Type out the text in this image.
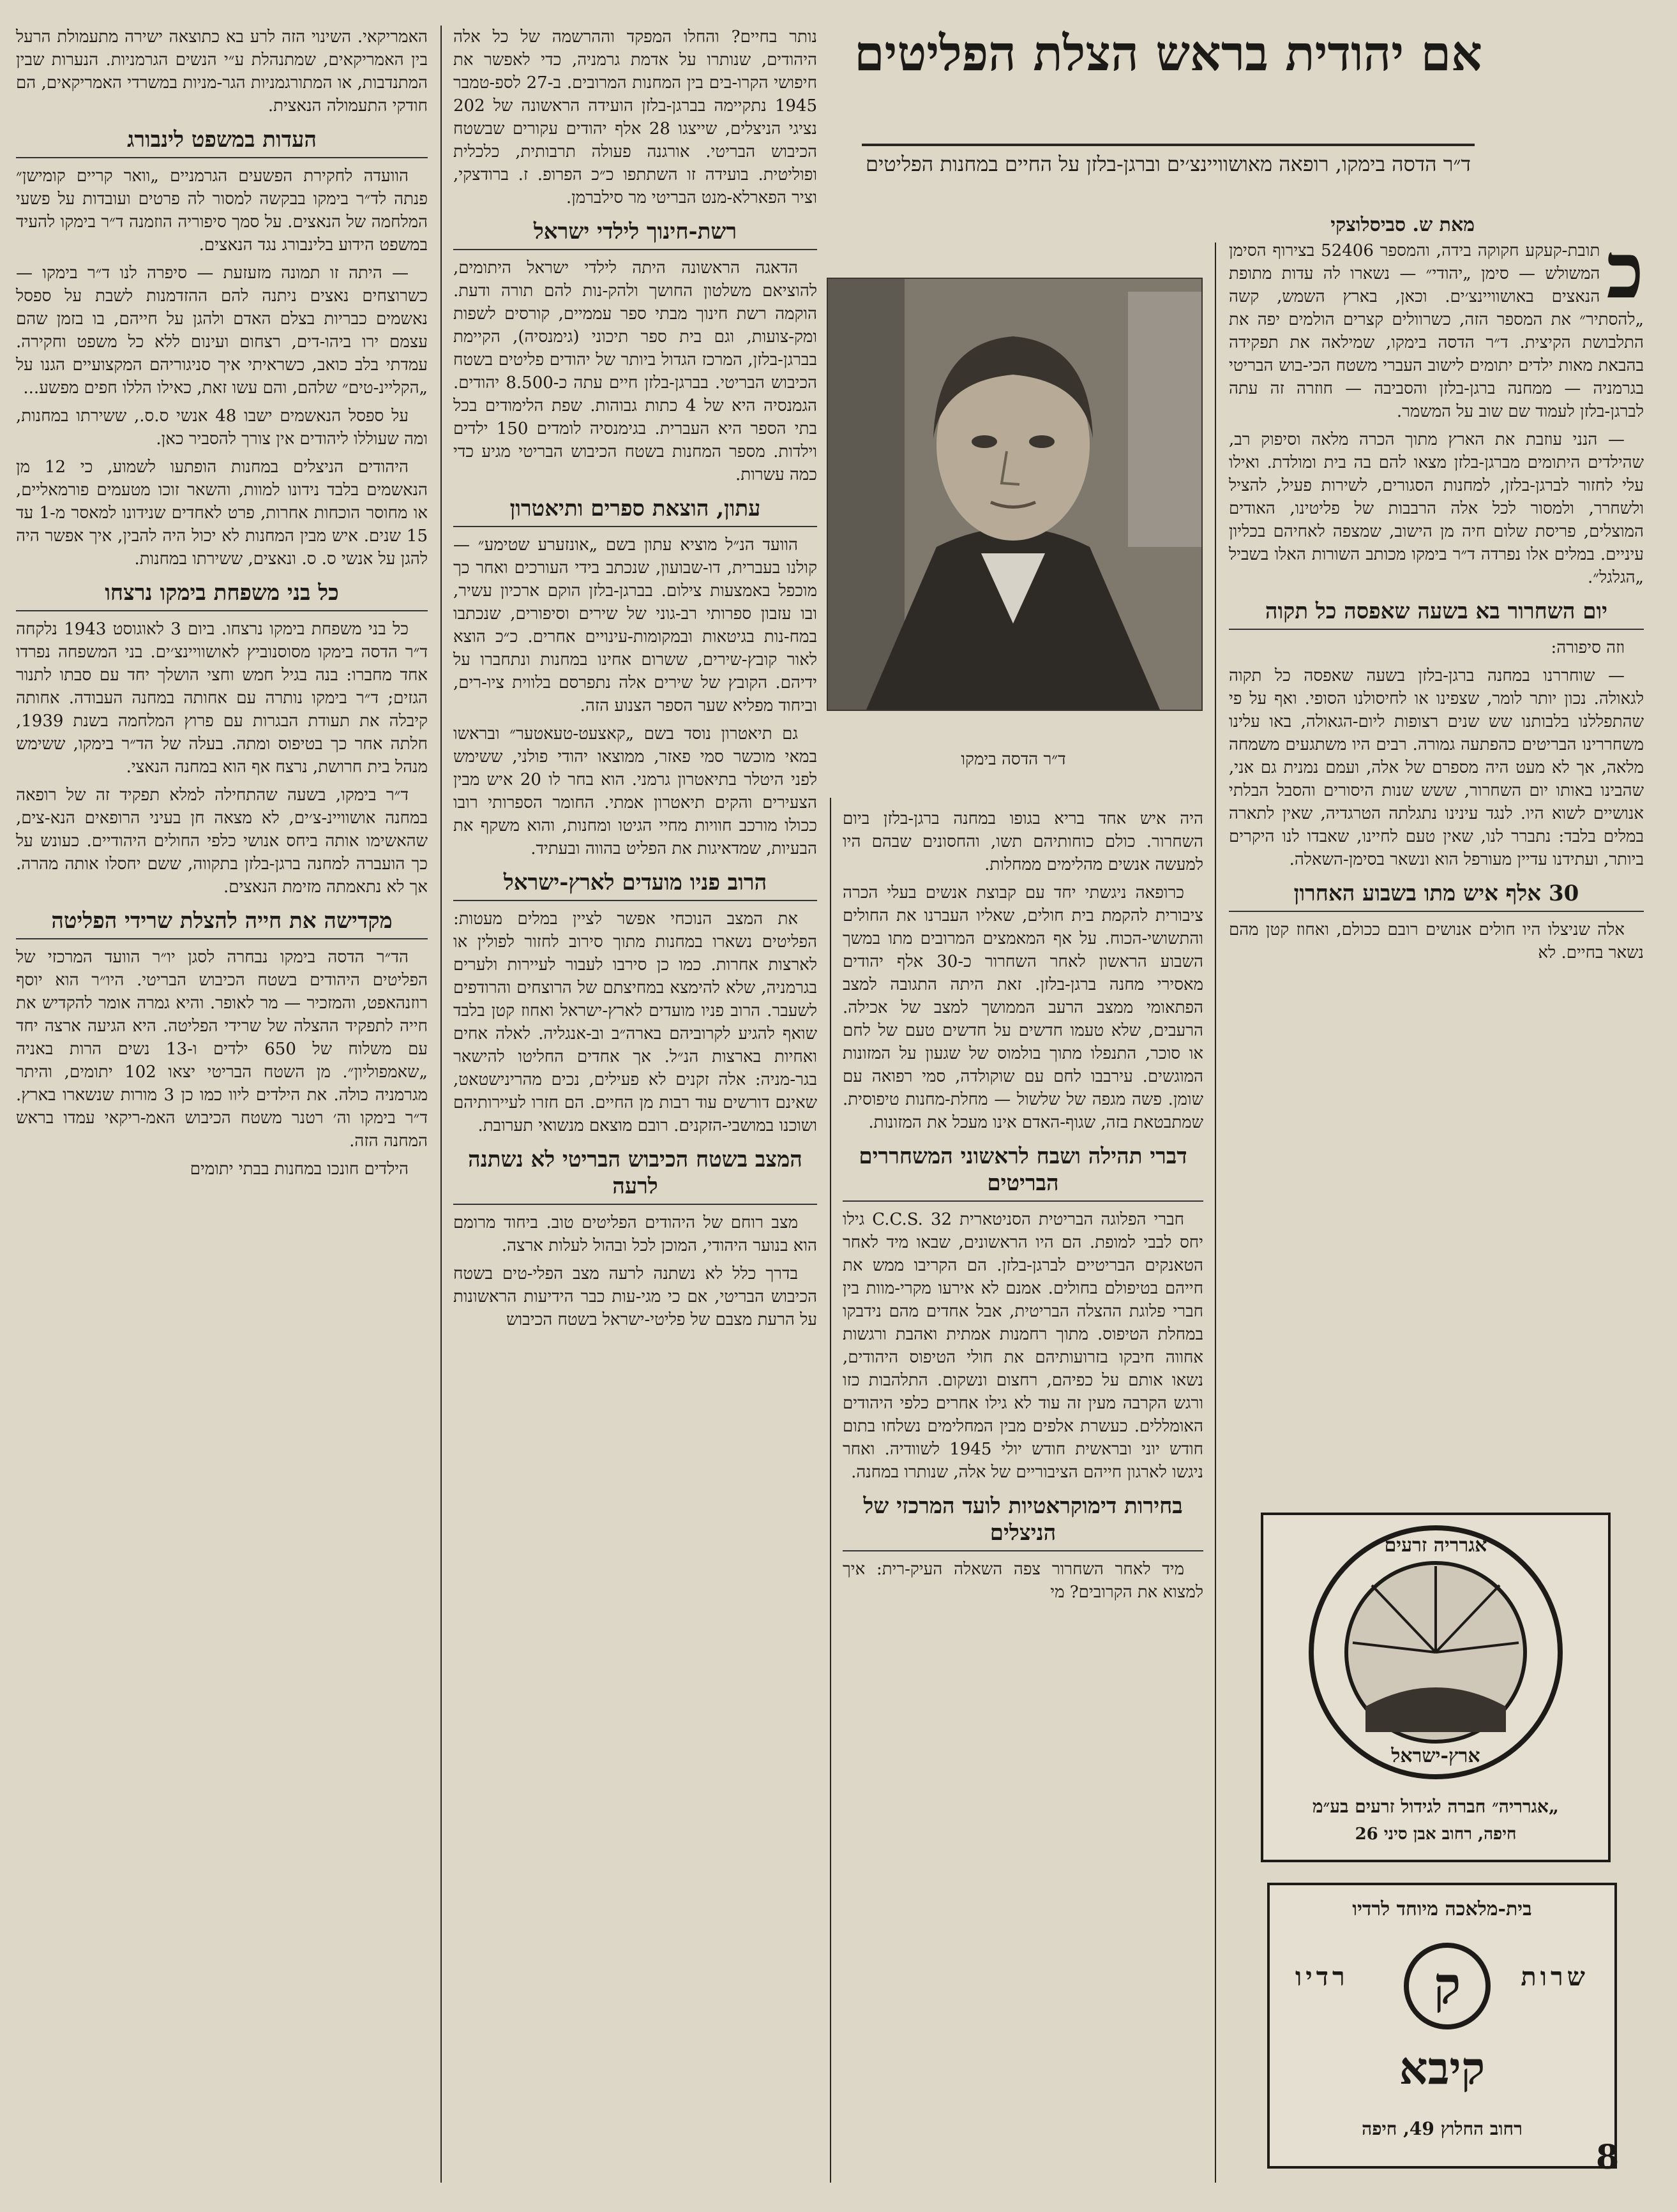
אם יהודית בראש הצלת הפליטים
ד״ר הדסה בימקו, רופאה מאושוויינצ׳ים וברגן-בלזן על החיים במחנות הפליטים
מאת ש. סביסלוצקי
ד״ר הדסה בימקו

כ
תובת-קעקע חקוקה בידה, והמספר 52406 בצירוף הסימן המשולש — סימן „יהודי״ — נשארו לה עדות מתופת הנאצים באושוויינצ׳ים. וכאן, בארץ השמש, קשה „להסתיר״ את המספר הזה, כשרוולים קצרים הולמים יפה את התלבושת הקיצית. ד״ר הדסה בימקו, שמילאה את תפקידה בהבאת מאות ילדים יתומים לישוב העברי משטח הכי-בוש הבריטי בגרמניה — ממחנה ברגן-בלזן והסביבה — חוזרה זה עתה לברגן-בלזן לעמוד שם שוב על המשמר.

— הנני עוזבת את הארץ מתוך הכרה מלאה וסיפוק רב, שהילדים היתומים מברגן-בלזן מצאו להם בה בית ומולדת. ואילו עלי לחזור לברגן-בלזן, למחנות הסגורים, לשירות פעיל, להציל ולשחרר, ולמסור לכל אלה הרבבות של פליטינו, האודים המוצלים, פריסת שלום חיה מן הישוב, שמצפה לאחיהם בכליון עיניים. במלים אלו נפרדה ד״ר בימקו מכותב השורות האלו בשביל „הגלגל״.

יום השחרור בא בשעה שאפסה כל תקוה

וזה סיפורה:

— שוחררנו במחנה ברגן-בלזן בשעה שאפסה כל תקוה לגאולה. נכון יותר לומר, שצפינו או לחיסולנו הסופי. ואף על פי שהתפללנו בלבותנו שש שנים רצופות ליום-הגאולה, באו עלינו משחררינו הבריטים כהפתעה גמורה. רבים היו משתגעים משמחה מלאה, אך לא מעט היה מספרם של אלה, ועמם נמנית גם אני, שהבינו באותו יום השחרור, ששש שנות היסורים והסבל הבלתי אנושיים לשוא היו. לנגד עינינו נתגלתה הטרגדיה, שאין לתארה במלים בלבד: נתברר לנו, שאין טעם לחיינו, שאבדו לנו היקרים ביותר, ועתידנו עדיין מעורפל הוא ונשאר בסימן-השאלה.

30 אלף איש מתו בשבוע האחרון

אלה שניצלו היו חולים אנושים רובם ככולם, ואחוז קטן מהם נשאר בחיים. לא

אגרריה זרעים
ארץ-ישראל
„אגרריה״ חברה לגידול זרעים בע״מ
חיפה, רחוב אבן סיני 26
בית-מלאכה מיוחד לרדיו
שרות
ק
רדיו
קיבא
רחוב החלוץ 49, חיפה

היה איש אחד בריא בגופו במחנה ברגן-בלזן ביום השחרור. כולם כוחותיהם תשו, והחסונים שבהם היו למעשה אנשים מהלימים ממחלות.

כרופאה ניגשתי יחד עם קבוצת אנשים בעלי הכרה ציבורית להקמת בית חולים, שאליו העברנו את החולים והתשושי-הכוח. על אף המאמצים המרובים מתו במשך השבוע הראשון לאחר השחרור כ-30 אלף יהודים מאסירי מחנה ברגן-בלזן. זאת היתה התגובה למצב הפתאומי ממצב הרעב הממושך למצב של אכילה. הרעבים, שלא טעמו חדשים על חדשים טעם של לחם או סוכר, התנפלו מתוך בולמוס של שגעון על המזונות המוגשים. עירבבו לחם עם שוקולדה, סמי רפואה עם שומן. פשה מגפה של שלשול — מחלת-מחנות טיפוסית. שמתבטאת בזה, שגוף-האדם אינו מעכל את המזונות.

דברי תהילה ושבח לראשוני המשחררים הבריטים

חברי הפלוגה הבריטית הסניטארית C.C.S. 32 גילו יחס לבבי למופת. הם היו הראשונים, שבאו מיד לאחר הטאנקים הבריטיים לברגן-בלזן. הם הקריבו ממש את חייהם בטיפולם בחולים. אמנם לא אירעו מקרי-מוות בין חברי פלוגת ההצלה הבריטית, אבל אחדים מהם נידבקו במחלת הטיפוס. מתוך רחמנות אמתית ואהבת ורגשות אחווה חיבקו בזרועותיהם את חולי הטיפוס היהודים, נשאו אותם על כפיהם, רחצום ונשקום. התלהבות כזו ורגש הקרבה מעין זה עוד לא גילו אחרים כלפי היהודים האומללים. כעשרת אלפים מבין המחלימים נשלחו בתום חודש יוני ובראשית חודש יולי 1945 לשוודיה. ואחר ניגשו לארגון חייהם הציבוריים של אלה, שנותרו במחנה.

בחירות דימוקראטיות לועד המרכזי של הניצלים

מיד לאחר השחרור צפה השאלה העיק-רית: איך למצוא את הקרובים? מי

נותר בחיים? והחלו המפקד וההרשמה של כל אלה היהודים, שנותרו על אדמת גרמניה, כדי לאפשר את חיפושי הקרו-בים בין המחנות המרובים. ב-27 לספ-טמבר 1945 נתקיימה בברגן-בלזן הועידה הראשונה של 202 נציגי הניצלים, שייצגו 28 אלף יהודים עקורים שבשטח הכיבוש הבריטי. אורגנה פעולה תרבותית, כלכלית ופוליטית. בועידה זו השתתפו כ״כ הפרופ. ז. ברודצקי, וציר הפארלא-מנט הבריטי מר סילברמן.

רשת-חינוך לילדי ישראל

הדאגה הראשונה היתה לילדי ישראל היתומים, להוציאם משלטון החושך ולהק-נות להם תורה ודעת. הוקמה רשת חינוך מבתי ספר עממיים, קורסים לשפות ומק-צועות, וגם בית ספר תיכוני (גימנסיה), הקיימת בברגן-בלזן, המרכז הגדול ביותר של יהודים פליטים בשטח הכיבוש הבריטי. בברגן-בלזן חיים עתה כ-8.500 יהודים. הגמנסיה היא של 4 כתות גבוהות. שפת הלימודים בכל בתי הספר היא העברית. בגימנסיה לומדים 150 ילדים וילדות. מספר המחנות בשטח הכיבוש הבריטי מגיע כדי כמה עשרות.

עתון, הוצאת ספרים ותיאטרון

הוועד הנ״ל מוציא עתון בשם „אונזערע שטימע״ — קולנו בעברית, דו-שבועון, שנכתב בידי העורכים ואחר כך מוכפל באמצעות צילום. בברגן-בלזן הוקם ארכיון עשיר, ובו עזבון ספרותי רב-גוני של שירים וסיפורים, שנכתבו במח-נות בגיטאות ובמקומות-עינויים אחרים. כ״כ הוצא לאור קובץ-שירים, ששרום אחינו במחנות ונתחברו על ידיהם. הקובץ של שירים אלה נתפרסם בלווית ציו-רים, וביחוד מפליא שער הספר הצנוע הזה.

גם תיאטרון נוסד בשם „קאצעט-טעאטער״ ובראשו במאי מוכשר סמי פאזר, ממוצאו יהודי פולני, ששימש לפני היטלר בתיאטרון גרמני. הוא בחר לו 20 איש מבין הצעירים והקים תיאטרון אמתי. החומר הספרותי רובו ככולו מורכב חוויות מחיי הגיטו ומחנות, והוא משקף את הבעיות, שמדאיגות את הפליט בהווה ובעתיד.

הרוב פניו מועדים לארץ-ישראל

את המצב הנוכחי אפשר לציין במלים מעטות: הפליטים נשארו במחנות מתוך סירוב לחזור לפולין או לארצות אחרות. כמו כן סירבו לעבור לעיירות ולערים בגרמניה, שלא להימצא במחיצתם של הרוצחים והרודפים לשעבר. הרוב פניו מועדים לארץ-ישראל ואחוז קטן בלבד שואף להגיע לקרוביהם בארה״ב וב-אנגליה. לאלה אחים ואחיות בארצות הנ״ל. אך אחדים החליטו להישאר בגר-מניה: אלה זקנים לא פעילים, נכים מהרינישטאט, שאינם דורשים עוד רבות מן החיים. הם חזרו לעיירותיהם ושוכנו במושבי-הזקנים. רובם מוצאם מנשואי תערובת.

המצב בשטח הכיבוש הבריטי לא נשתנה לרעה

מצב רוחם של היהודים הפליטים טוב. ביחוד מרומם הוא בנוער היהודי, המוכן לכל ובהול לעלות ארצה.

בדרך כלל לא נשתנה לרעה מצב הפלי-טים בשטח הכיבוש הבריטי, אם כי מגי-עות כבר הידיעות הראשונות על הרעת מצבם של פליטי-ישראל בשטח הכיבוש

האמריקאי. השינוי הזה לרע בא כתוצאה ישירה מתעמולת הרעל בין האמריקאים, שמתנהלת ע״י הנשים הגרמניות. הנערות שבין המתנדבות, או המתורגמניות הגר-מניות במשרדי האמריקאים, הם חודקי התעמולה הנאצית.

העדות במשפט לינבורג

הוועדה לחקירת הפשעים הגרמניים „וואר קריים קומישן״ פנתה לד״ר בימקו בבקשה למסור לה פרטים ועובדות על פשעי המלחמה של הנאצים. על סמך סיפוריה הוזמנה ד״ר בימקו להעיד במשפט הידוע בלינבורג נגד הנאצים.

— היתה זו תמונה מזעזעת — סיפרה לנו ד״ר בימקו — כשרוצחים נאצים ניתנה להם ההזדמנות לשבת על ספסל נאשמים כבריות בצלם האדם ולהגן על חייהם, בו בזמן שהם עצמם ירו ביהו-דים, רצחום ועינום ללא כל משפט וחקירה. עמדתי בלב כואב, כשראיתי איך סניגוריהם המקצועיים הגנו על „הקליינ-טים״ שלהם, והם עשו זאת, כאילו הללו חפים מפשע...

על ספסל הנאשמים ישבו 48 אנשי ס.ס., ששירתו במחנות, ומה שעוללו ליהודים אין צורך להסביר כאן.

היהודים הניצלים במחנות הופתעו לשמוע, כי 12 מן הנאשמים בלבד נידונו למוות, והשאר זוכו מטעמים פורמאליים, או מחוסר הוכחות אחרות, פרט לאחדים שנידונו למאסר מ-1 עד 15 שנים. איש מבין המחנות לא יכול היה להבין, איך אפשר היה להגן על אנשי ס. ס. ונאצים, ששירתו במחנות.

כל בני משפחת בימקו נרצחו

כל בני משפחת בימקו נרצחו. ביום 3 לאוגוסט 1943 נלקחה ד״ר הדסה בימקו מסוסנוביץ לאושוויינצ׳ים. בני המשפחה נפרדו אחד מחברו: בנה בגיל חמש וחצי הושלך יחד עם סבתו לתנור הגזים; ד״ר בימקו נותרה עם אחותה במחנה העבודה. אחותה קיבלה את תעודת הבגרות עם פרוץ המלחמה בשנת 1939, חלתה אחר כך בטיפוס ומתה. בעלה של הד״ר בימקו, ששימש מנהל בית חרושת, נרצח אף הוא במחנה הנאצי.

ד״ר בימקו, בשעה שהתחילה למלא תפקיד זה של רופאה במחנה אושוויינ-צ׳ים, לא מצאה חן בעיני הרופאים הנא-צים, שהאשימו אותה ביחס אנושי כלפי החולים היהודיים. כעונש על כך הועברה למחנה ברגן-בלזן בתקווה, ששם יחסלו אותה מהרה. אך לא נתאמתה מזימת הנאצים.

מקדישה את חייה להצלת שרידי הפליטה

הד״ר הדסה בימקו נבחרה לסגן יו״ר הוועד המרכזי של הפליטים היהודים בשטח הכיבוש הבריטי. היו״ר הוא יוסף רוזנהאפט, והמזכיר — מר לאופר. והיא גמרה אומר להקדיש את חייה לתפקיד ההצלה של שרידי הפליטה. היא הגיעה ארצה יחד עם משלוח של 650 ילדים ו-13 נשים הרות באניה „שאמפוליון״. מן השטח הבריטי יצאו 102 יתומים, והיתר מגרמניה כולה. את הילדים ליוו כמו כן 3 מורות שנשארו בארץ. ד״ר בימקו וה׳ רטנר משטח הכיבוש האמ-ריקאי עמדו בראש המחנה הזה.

הילדים חונכו במחנות בבתי יתומים

8
